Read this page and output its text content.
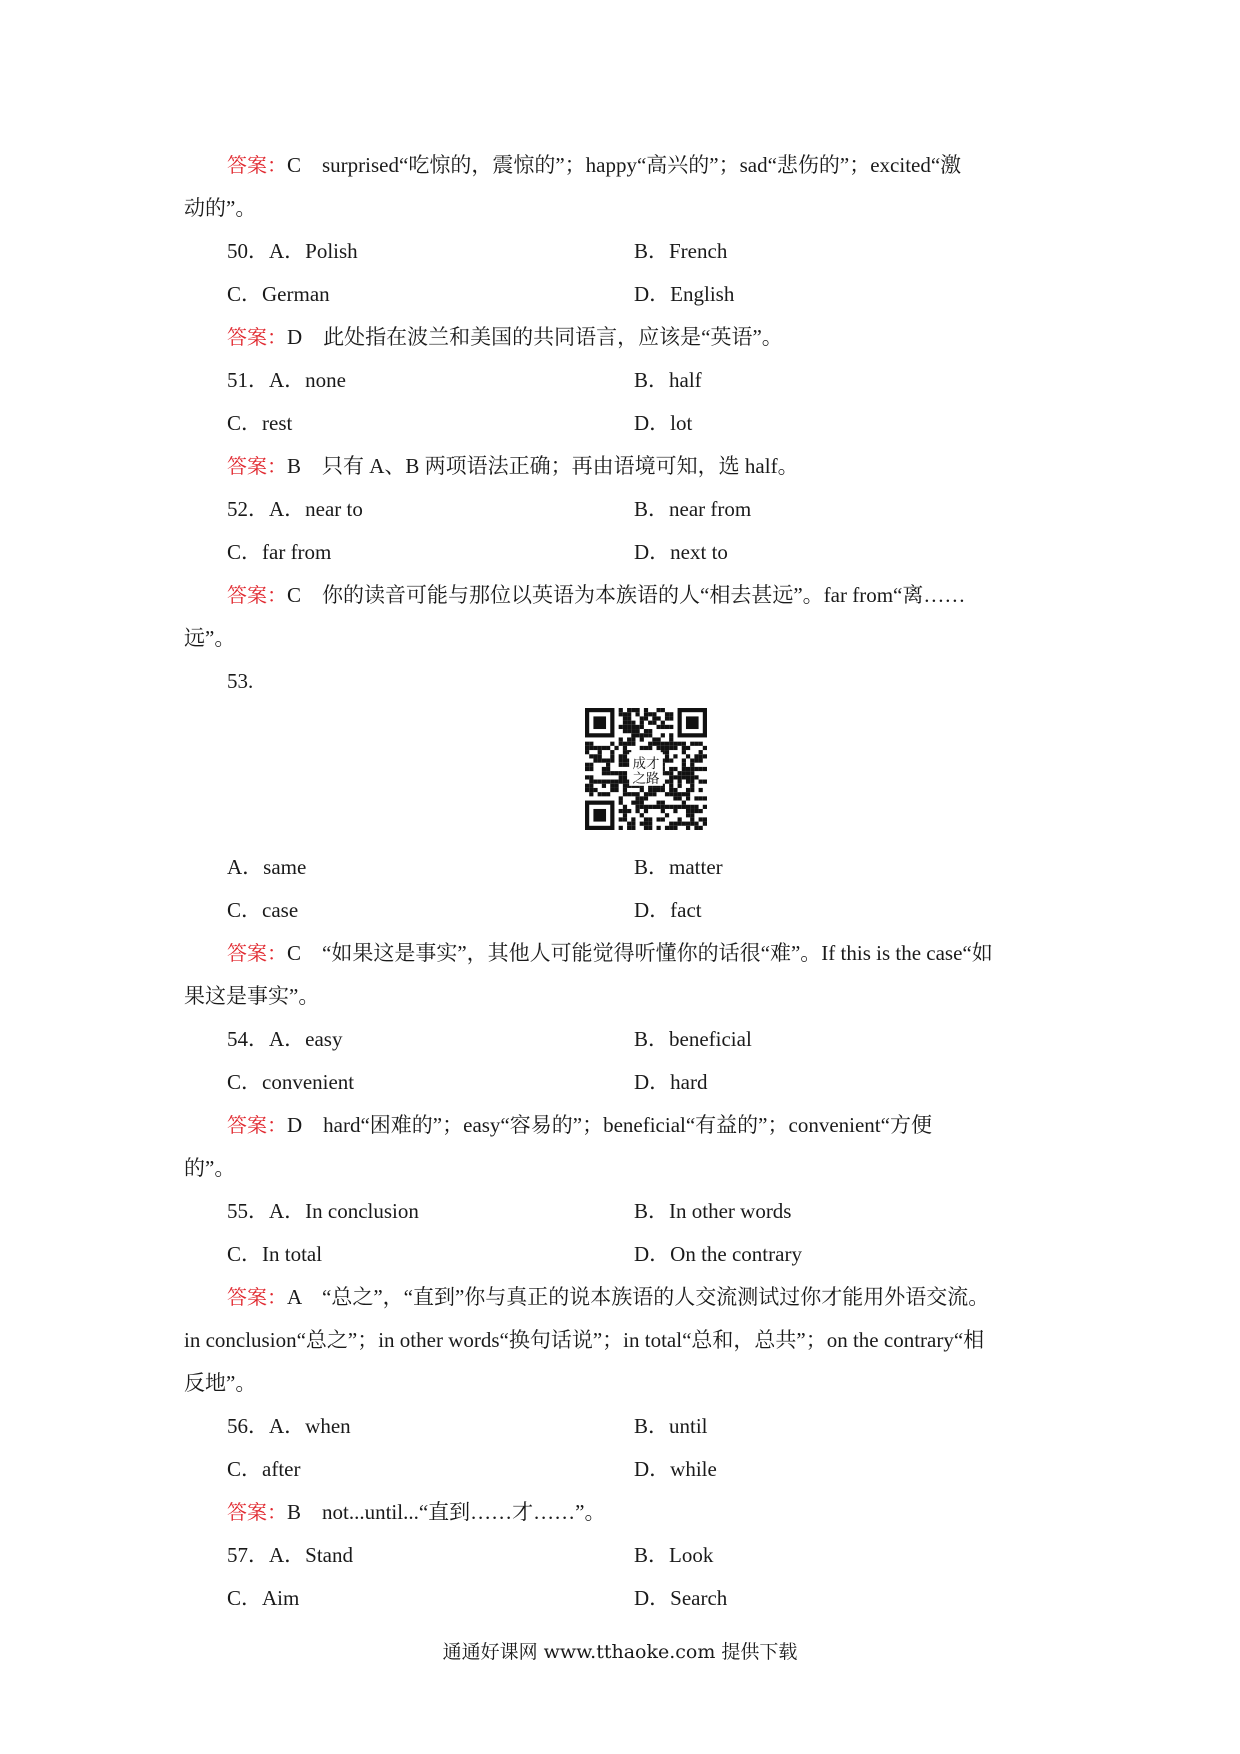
答案：C　surprised“吃惊的，震惊的”；happy“高兴的”；sad“悲伤的”；excited“激
动的”。
50．A．Polish	B．French
C．German	D．English
答案：D　此处指在波兰和美国的共同语言，应该是“英语”。
51．A．none	B．half
C．rest	D．lot
答案：B　只有 A、B 两项语法正确；再由语境可知，选 half。
52．A．near to	B．near from
C．far from	D．next to
答案：C　你的读音可能与那位以英语为本族语的人“相去甚远”。far from“离……
远”。
53.
成才
之路
A．same	B．matter
C．case	D．fact
答案：C　“如果这是事实”，其他人可能觉得听懂你的话很“难”。If this is the case“如
果这是事实”。
54．A．easy	B．beneficial
C．convenient	D．hard
答案：D　hard“困难的”；easy“容易的”；beneficial“有益的”；convenient“方便
的”。
55．A．In conclusion	B．In other words
C．In total	D．On the contrary
答案：A　“总之”，“直到”你与真正的说本族语的人交流测试过你才能用外语交流。
in conclusion“总之”；in other words“换句话说”；in total“总和，总共”；on the contrary“相
反地”。
56．A．when	B．until
C．after	D．while
答案：B　not...until...“直到……才……”。
57．A．Stand	B．Look
C．Aim	D．Search
通通好课网 www.tthaoke.com 提供下载
